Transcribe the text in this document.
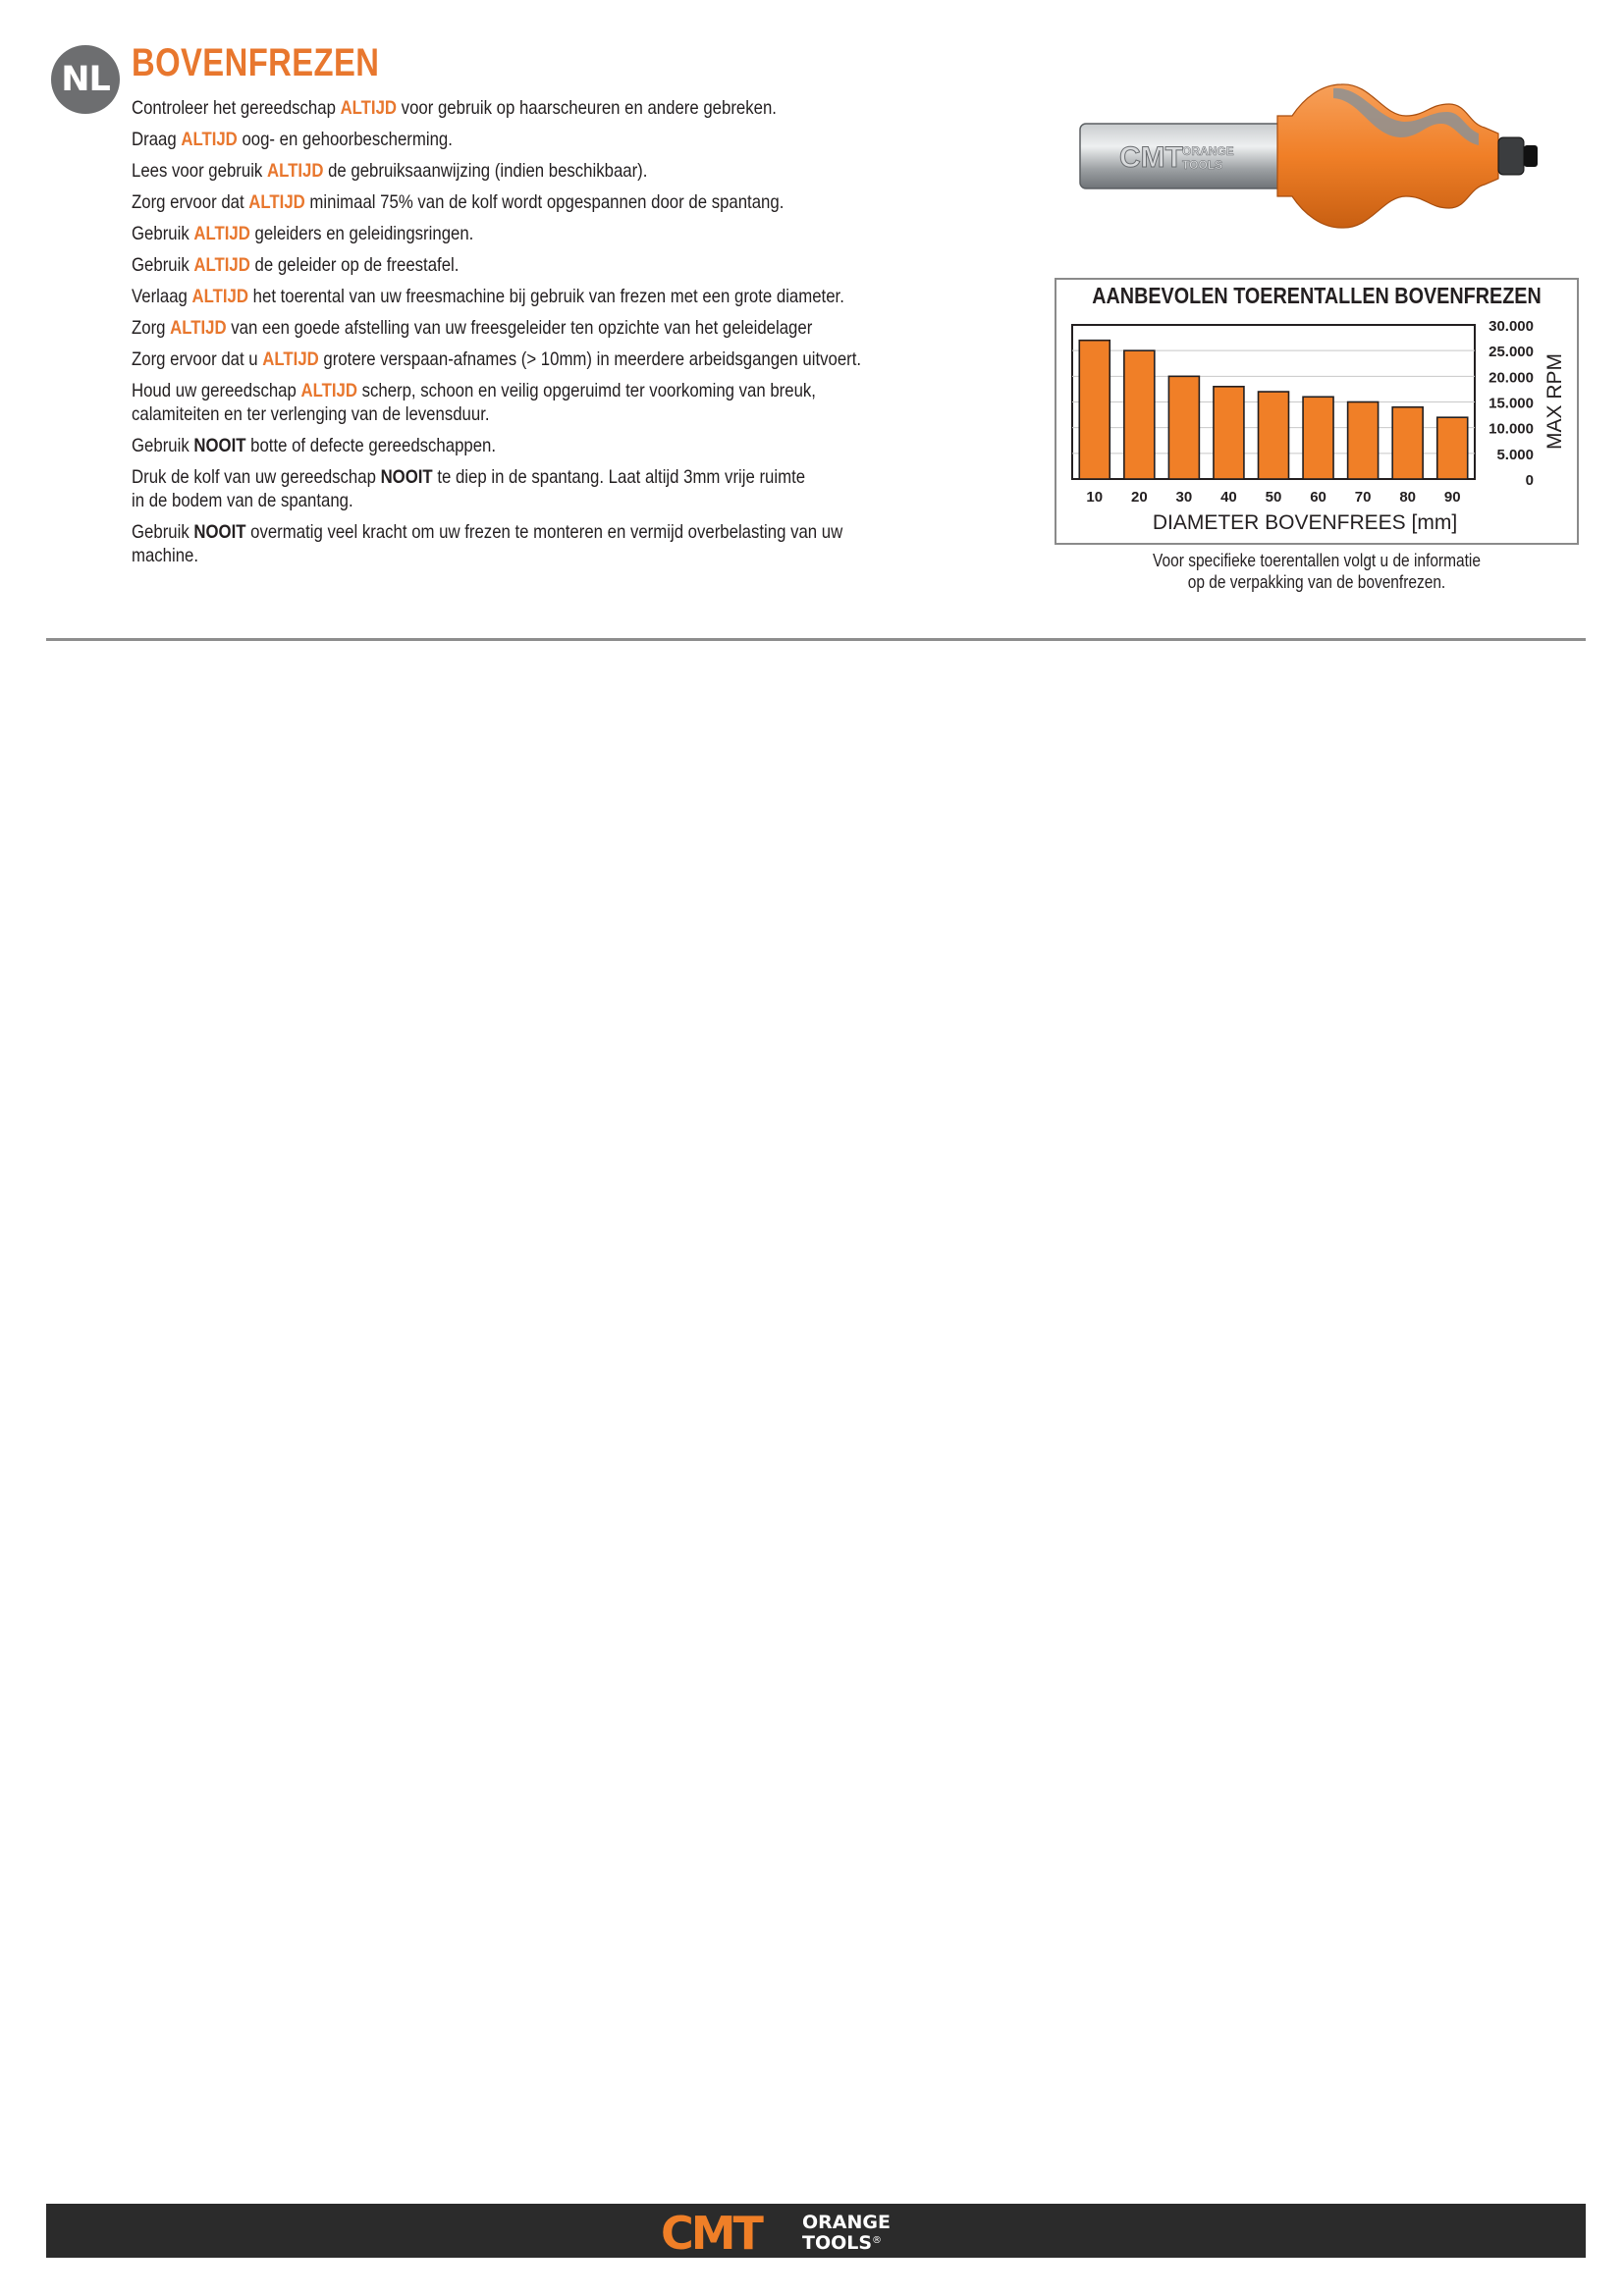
NL BOVENFREZEN
Controleer het gereedschap ALTIJD voor gebruik op haarscheuren en andere gebreken.
Draag ALTIJD oog- en gehoorbescherming.
Lees voor gebruik ALTIJD de gebruiksaanwijzing (indien beschikbaar).
Zorg ervoor dat ALTIJD minimaal 75% van de kolf wordt opgespannen door de spantang.
Gebruik ALTIJD geleiders en geleidingsringen.
Gebruik ALTIJD de geleider op de freestafel.
Verlaag ALTIJD het toerental van uw freesmachine bij gebruik van frezen met een grote diameter.
Zorg ALTIJD van een goede afstelling van uw freesgeleider ten opzichte van het geleidelager
Zorg ervoor dat u ALTIJD grotere verspaan-afnames (> 10mm) in meerdere arbeidsgangen uitvoert.
Houd uw gereedschap ALTIJD scherp, schoon en veilig opgeruimd ter voorkoming van breuk,
calamiteiten en ter verlenging van de levensduur.
Gebruik NOOIT botte of defecte gereedschappen.
Druk de kolf van uw gereedschap NOOIT te diep in de spantang. Laat altijd 3mm vrije ruimte
in de bodem van de spantang.
Gebruik NOOIT overmatig veel kracht om uw frezen te monteren en vermijd overbelasting van uw
machine.
CMT ORANGE
TOOLS
AANBEVOLEN TOERENTALLEN BOVENFREZEN
30.000
25.000
20.000
15.000
10.000
5.000
0
10 20 30 40 50 60 70 80 90
DIAMETER BOVENFREES [mm]
MAX RPM
Voor specifieke toerentallen volgt u de informatie
op de verpakking van de bovenfrezen.
CMT ORANGE
TOOLS ®
